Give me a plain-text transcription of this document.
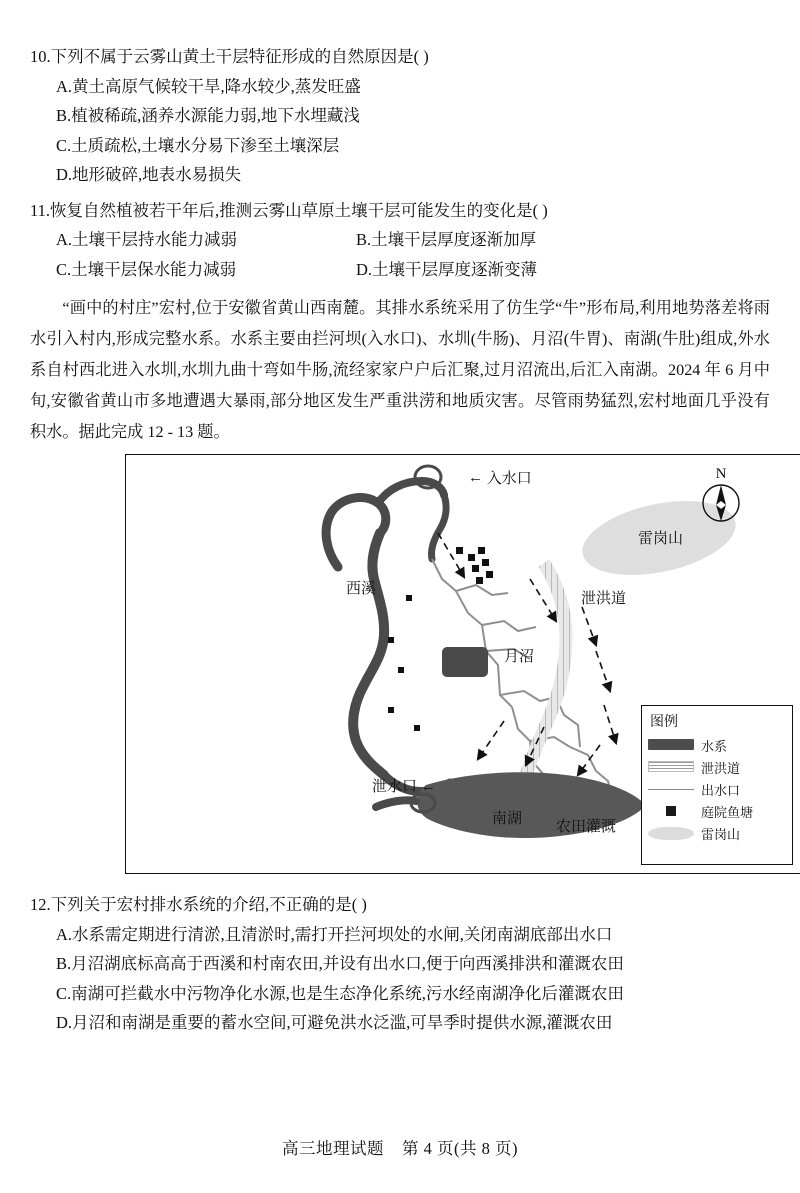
10.下列不属于云雾山黄土干层特征形成的自然原因是( )
A.黄土高原气候较干旱,降水较少,蒸发旺盛
B.植被稀疏,涵养水源能力弱,地下水埋藏浅
C.土质疏松,土壤水分易下渗至土壤深层
D.地形破碎,地表水易损失
11.恢复自然植被若干年后,推测云雾山草原土壤干层可能发生的变化是( )
A.土壤干层持水能力减弱	B.土壤干层厚度逐渐加厚
C.土壤干层保水能力减弱	D.土壤干层厚度逐渐变薄
“画中的村庄”宏村,位于安徽省黄山西南麓。其排水系统采用了仿生学“牛”形布局,利用地势落差将雨水引入村内,形成完整水系。水系主要由拦河坝(入水口)、水圳(牛肠)、月沼(牛胃)、南湖(牛肚)组成,外水系自村西北进入水圳,水圳九曲十弯如牛肠,流经家家户户后汇聚,过月沼流出,后汇入南湖。2024 年 6 月中旬,安徽省黄山市多地遭遇大暴雨,部分地区发生严重洪涝和地质灾害。尽管雨势猛烈,宏村地面几乎没有积水。据此完成 12 - 13 题。
← 入水口
西溪
泄洪道
月沼
雷岗山
泄水口 ←
南湖 农田灌溉
N
图例
水系
泄洪道
出水口
庭院鱼塘
雷岗山
12.下列关于宏村排水系统的介绍,不正确的是( )
A.水系需定期进行清淤,且清淤时,需打开拦河坝处的水闸,关闭南湖底部出水口
B.月沼湖底标高高于西溪和村南农田,并设有出水口,便于向西溪排洪和灌溉农田
C.南湖可拦截水中污物净化水源,也是生态净化系统,污水经南湖净化后灌溉农田
D.月沼和南湖是重要的蓄水空间,可避免洪水泛滥,可旱季时提供水源,灌溉农田
高三地理试题 第 4 页(共 8 页)
